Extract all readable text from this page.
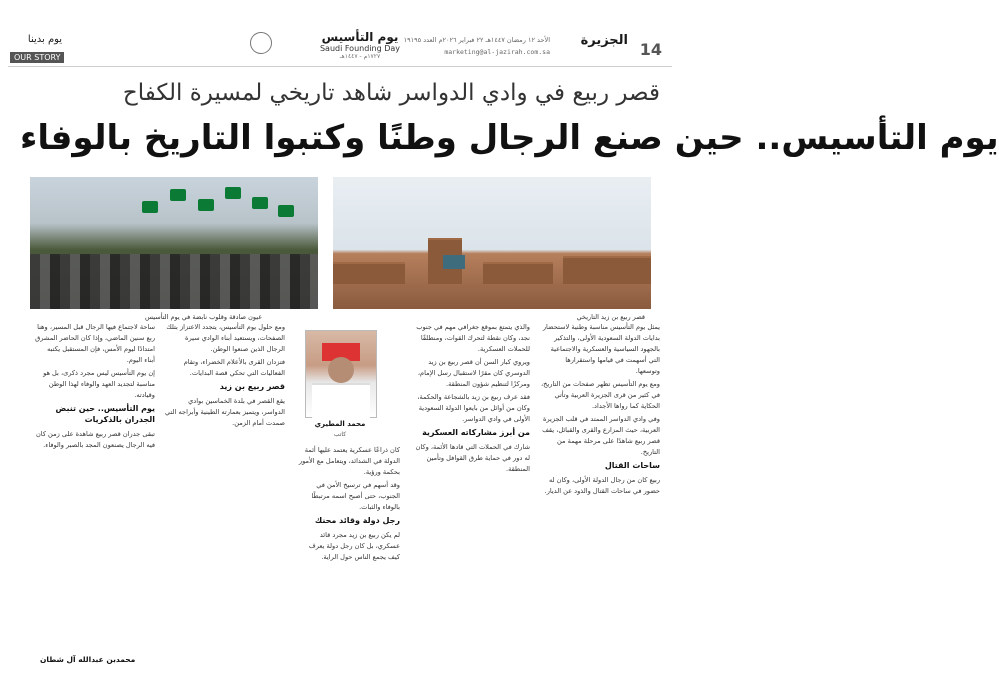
14
الجزيرة
الأحد ١٢ رمضان ١٤٤٧هـ ٢٢ فبراير ٢٠٢٦م العدد ١٩١٩٥
marketing@al-jazirah.com.sa
يوم التأسيس
Saudi Founding Day
١٧٢٧م - ١٤٤٧هـ
يوم بدينا
OUR STORY
قصر ربيع في وادي الدواسر شاهد تاريخي لمسيرة الكفاح
يوم التأسيس.. حين صنع الرجال وطنًا وكتبوا التاريخ بالوفاء
عيون صادقة وقلوب نابضة في يوم التأسيس	قصر ربيع بن زيد التاريخي
محمد المطيري
كاتب

يمثل يوم التأسيس مناسبة وطنية لاستحضار بدايات الدولة السعودية الأولى، والتذكير بالجهود السياسية والعسكرية والاجتماعية التي أسهمت في قيامها واستقرارها وتوسعها.

ومع يوم التأسيس تظهر صفحات من التاريخ، في كثير من قرى الجزيرة العربية وتأتي الحكاية كما رواها الأجداد.

وفي وادي الدواسر الممتد في قلب الجزيرة العربية، حيث المزارع والقرى والقبائل، يقف قصر ربيع شاهدًا على مرحلة مهمة من التاريخ.

ساحات القتال

ربيع كان من رجال الدولة الأولى، وكان له حضور في ساحات القتال والذود عن الديار.

والذي يتمتع بموقع جغرافي مهم في جنوب نجد، وكان نقطة لتحرك القوات، ومنطلقًا للحملات العسكرية.

ويروي كبار السن أن قصر ربيع بن زيد الدوسري كان مقرًا لاستقبال رسل الإمام، ومركزًا لتنظيم شؤون المنطقة.

فقد عرف ربيع بن زيد بالشجاعة والحكمة، وكان من أوائل من بايعوا الدولة السعودية الأولى في وادي الدواسر.

من أبرز مشاركاته العسكرية

شارك في الحملات التي قادها الأئمة، وكان له دور في حماية طرق القوافل وتأمين المنطقة.

كان ذراعًا عسكرية يعتمد عليها أئمة الدولة في الشدائد، ويتعامل مع الأمور بحكمة ورؤية.

وقد أسهم في ترسيخ الأمن في الجنوب، حتى أصبح اسمه مرتبطًا بالوفاء والثبات.

رجل دولة وقائد محنك

لم يكن ربيع بن زيد مجرد قائد عسكري، بل كان رجل دولة يعرف كيف يجمع الناس حول الراية.

ومع حلول يوم التأسيس، يتجدد الاعتزاز بتلك الصفحات، ويستعيد أبناء الوادي سيرة الرجال الذين صنعوا الوطن.

فتزدان القرى بالأعلام الخضراء، وتقام الفعاليات التي تحكي قصة البدايات.

قصر ربيع بن زيد

يقع القصر في بلدة الخماسين بوادي الدواسر، ويتميز بعمارته الطينية وأبراجه التي صمدت أمام الزمن.

ساحة لاجتماع فيها الرجال قبل المسير، وهنا ربع سنين الماضي، وإذا كان الحاضر المشرق امتدادًا ليوم الأمس، فإن المستقبل يكتبه أبناء اليوم.

إن يوم التأسيس ليس مجرد ذكرى، بل هو مناسبة لتجديد العهد والوفاء لهذا الوطن وقيادته.

يوم التأسيس.. حين تنبض الجدران بالذكريات

تبقى جدران قصر ربيع شاهدة على زمن كان فيه الرجال يصنعون المجد بالصبر والوفاء.

محمدبن عبدالله آل شطان
